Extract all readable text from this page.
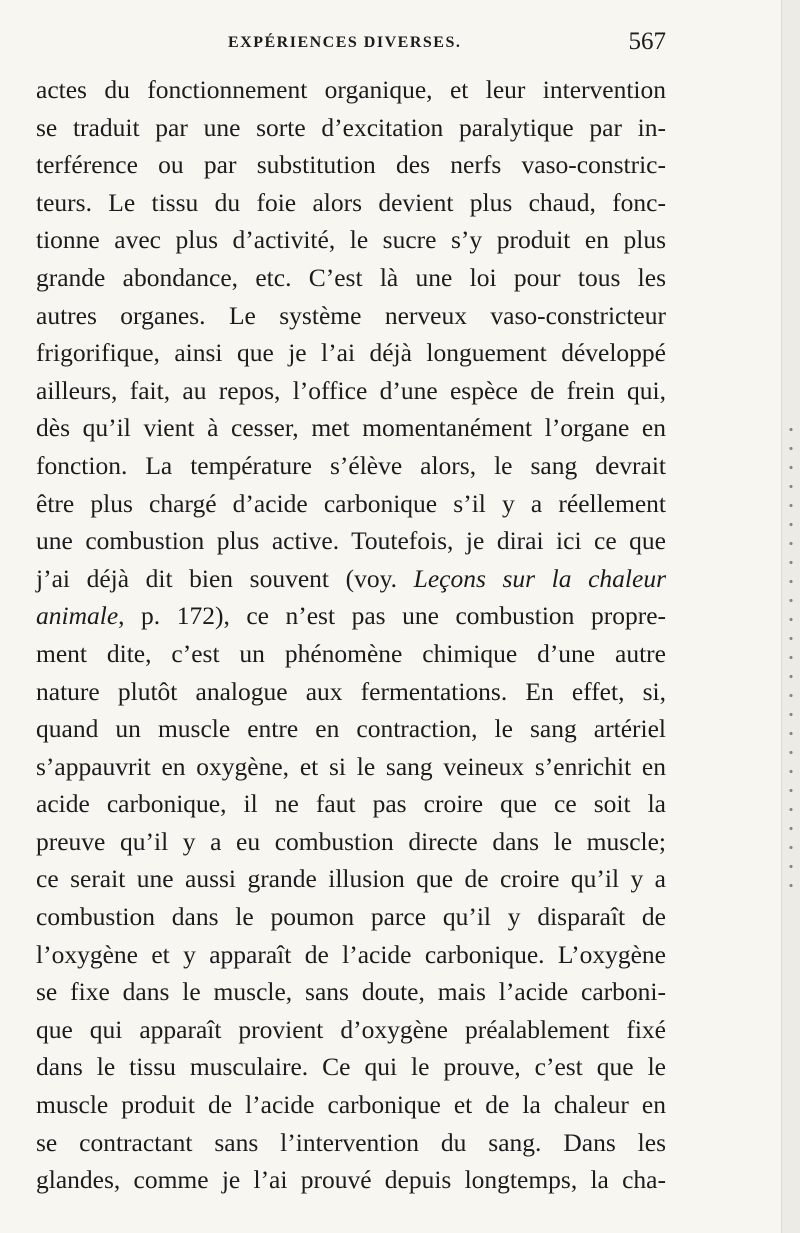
EXPÉRIENCES DIVERSES.	567
actes du fonctionnement organique, et leur intervention
se traduit par une sorte d’excitation paralytique par in-
terférence ou par substitution des nerfs vaso-constric-
teurs. Le tissu du foie alors devient plus chaud, fonc-
tionne avec plus d’activité, le sucre s’y produit en plus
grande abondance, etc. C’est là une loi pour tous les
autres organes. Le système nerveux vaso-constricteur
frigorifique, ainsi que je l’ai déjà longuement développé
ailleurs, fait, au repos, l’office d’une espèce de frein qui,
dès qu’il vient à cesser, met momentanément l’organe en
fonction. La température s’élève alors, le sang devrait
être plus chargé d’acide carbonique s’il y a réellement
une combustion plus active. Toutefois, je dirai ici ce que
j’ai déjà dit bien souvent (voy. Leçons sur la chaleur
animale, p. 172), ce n’est pas une combustion propre-
ment dite, c’est un phénomène chimique d’une autre
nature plutôt analogue aux fermentations. En effet, si,
quand un muscle entre en contraction, le sang artériel
s’appauvrit en oxygène, et si le sang veineux s’enrichit en
acide carbonique, il ne faut pas croire que ce soit la
preuve qu’il y a eu combustion directe dans le muscle;
ce serait une aussi grande illusion que de croire qu’il y a
combustion dans le poumon parce qu’il y disparaît de
l’oxygène et y apparaît de l’acide carbonique. L’oxygène
se fixe dans le muscle, sans doute, mais l’acide carboni-
que qui apparaît provient d’oxygène préalablement fixé
dans le tissu musculaire. Ce qui le prouve, c’est que le
muscle produit de l’acide carbonique et de la chaleur en
se contractant sans l’intervention du sang. Dans les
glandes, comme je l’ai prouvé depuis longtemps, la cha-
